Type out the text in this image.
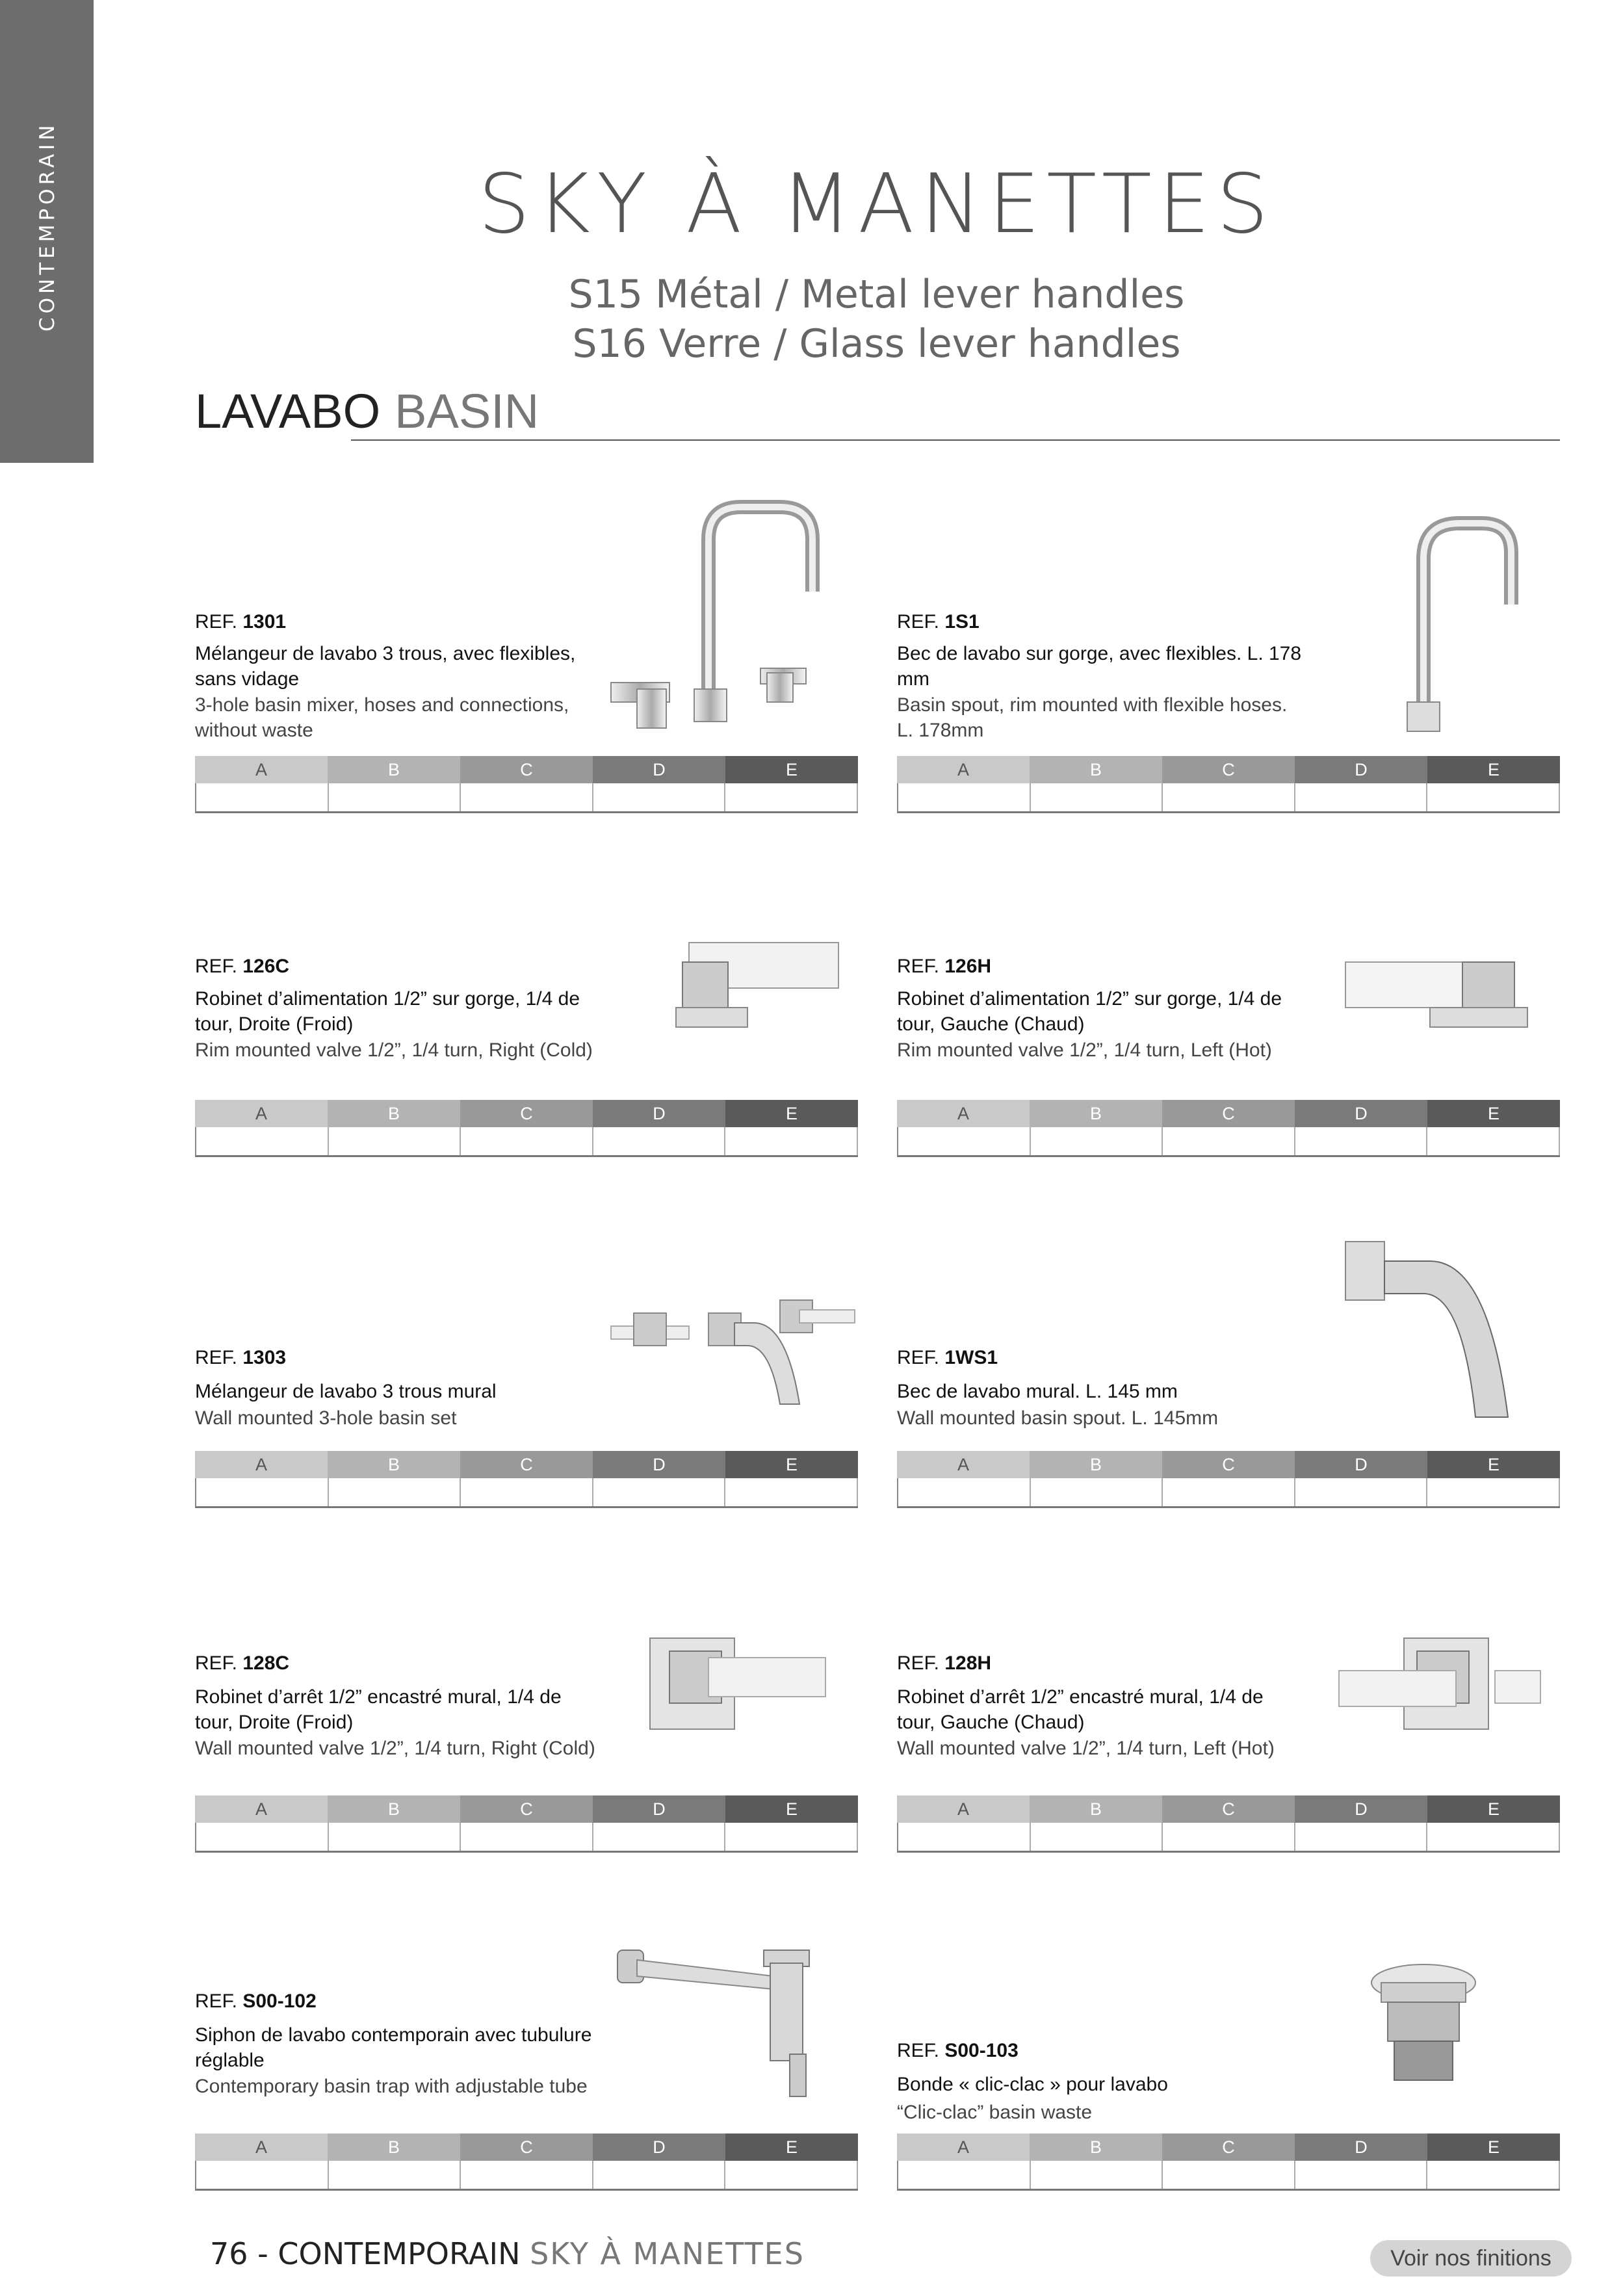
CONTEMPORAIN	SKY À MANETTES
S15 Métal / Metal lever handles
S16 Verre / Glass lever handles
LAVABO BASIN
REF. 1301
Mélangeur de lavabo 3 trous, avec flexibles, sans vidage
3-hole basin mixer, hoses and connections, without waste
A	B	C	D	E
REF. 1S1
Bec de lavabo sur gorge, avec flexibles. L. 178 mm
Basin spout, rim mounted with flexible hoses. L. 178mm
A	B	C	D	E
REF. 126C
Robinet d’alimentation 1/2” sur gorge, 1/4 de tour, Droite (Froid)
Rim mounted valve 1/2”, 1/4 turn, Right (Cold)
A	B	C	D	E
REF. 126H
Robinet d’alimentation 1/2” sur gorge, 1/4 de tour, Gauche (Chaud)
Rim mounted valve 1/2”, 1/4 turn, Left (Hot)
A	B	C	D	E
REF. 1303
Mélangeur de lavabo 3 trous mural
Wall mounted 3-hole basin set
A	B	C	D	E
REF. 1WS1
Bec de lavabo mural. L. 145 mm
Wall mounted basin spout. L. 145mm
A	B	C	D	E
REF. 128C
Robinet d’arrêt 1/2” encastré mural, 1/4 de tour, Droite (Froid)
Wall mounted valve 1/2”, 1/4 turn, Right (Cold)
A	B	C	D	E
REF. 128H
Robinet d’arrêt 1/2” encastré mural, 1/4 de tour, Gauche (Chaud)
Wall mounted valve 1/2”, 1/4 turn, Left (Hot)
A	B	C	D	E
REF. S00-102
Siphon de lavabo contemporain avec tubulure réglable
Contemporary basin trap with adjustable tube
A	B	C	D	E
REF. S00-103
Bonde « clic-clac » pour lavabo
“Clic-clac” basin waste
A	B	C	D	E
76 - CONTEMPORAIN SKY À MANETTES	Voir nos finitions
